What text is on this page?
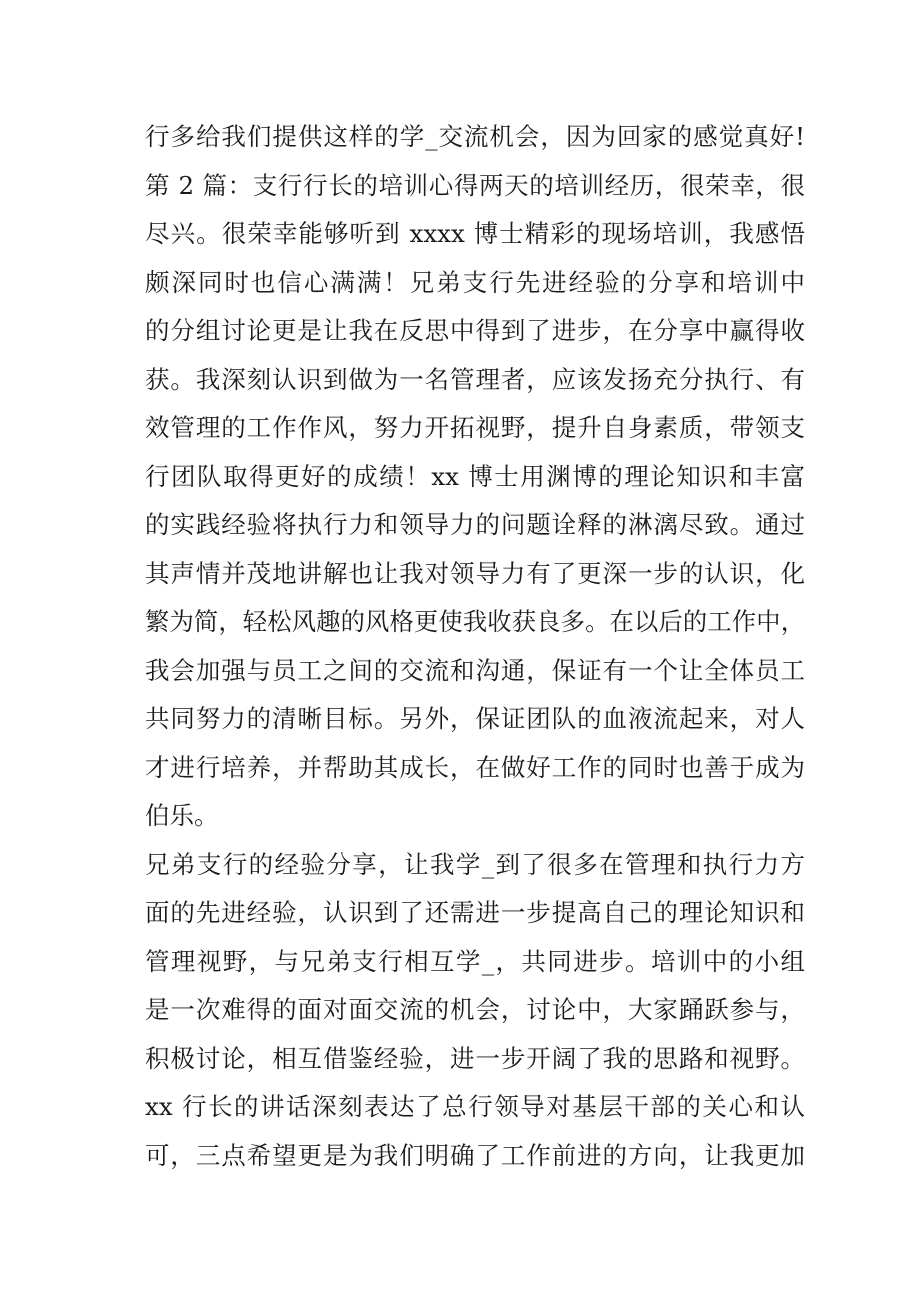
行多给我们提供这样的学_交流机会，因为回家的感觉真好!
第 2 篇：支行行长的培训心得两天的培训经历，很荣幸，很
尽兴。很荣幸能够听到 xxxx 博士精彩的现场培训，我感悟
颇深同时也信心满满！兄弟支行先进经验的分享和培训中
的分组讨论更是让我在反思中得到了进步，在分享中赢得收
获。我深刻认识到做为一名管理者，应该发扬充分执行、有
效管理的工作作风，努力开拓视野，提升自身素质，带领支
行团队取得更好的成绩！xx 博士用渊博的理论知识和丰富
的实践经验将执行力和领导力的问题诠释的淋漓尽致。通过
其声情并茂地讲解也让我对领导力有了更深一步的认识，化
繁为简，轻松风趣的风格更使我收获良多。在以后的工作中，
我会加强与员工之间的交流和沟通，保证有一个让全体员工
共同努力的清晰目标。另外，保证团队的血液流起来，对人
才进行培养，并帮助其成长，在做好工作的同时也善于成为
伯乐。
兄弟支行的经验分享，让我学_到了很多在管理和执行力方
面的先进经验，认识到了还需进一步提高自己的理论知识和
管理视野，与兄弟支行相互学_，共同进步。培训中的小组
是一次难得的面对面交流的机会，讨论中，大家踊跃参与，
积极讨论，相互借鉴经验，进一步开阔了我的思路和视野。
xx 行长的讲话深刻表达了总行领导对基层干部的关心和认
可，三点希望更是为我们明确了工作前进的方向，让我更加
